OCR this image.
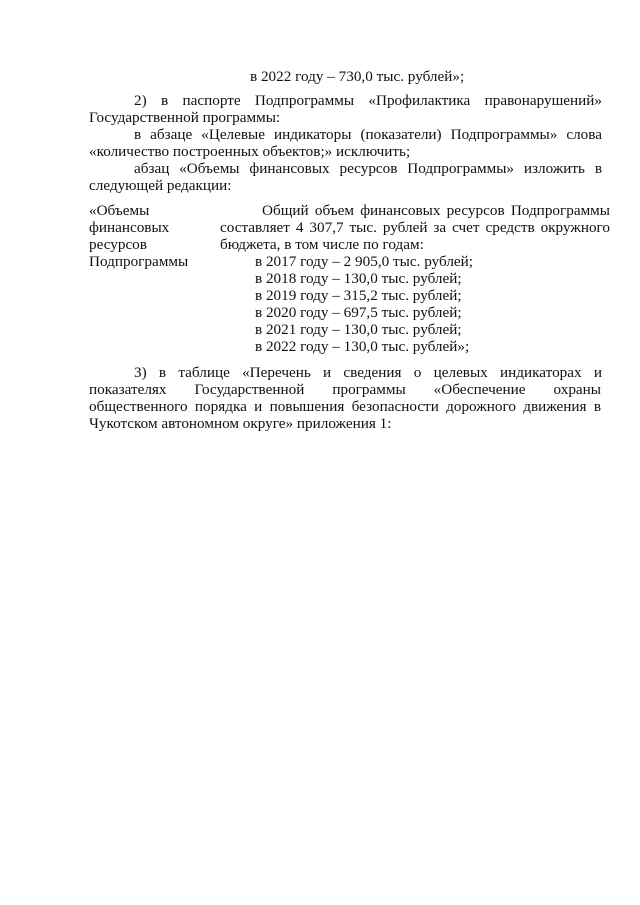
в 2022 году – 730,0 тыс. рублей»;
2) в паспорте Подпрограммы «Профилактика правонарушений»
Государственной программы:
в абзаце «Целевые индикаторы (показатели) Подпрограммы» слова
«количество построенных объектов;» исключить;
абзац «Объемы финансовых ресурсов Подпрограммы» изложить в
следующей редакции:
«Объемы
финансовых
ресурсов
Подпрограммы
Общий объем финансовых ресурсов Подпрограммы
составляет 4 307,7 тыс. рублей за счет средств окружного
бюджета, в том числе по годам:
в 2017 году – 2 905,0 тыс. рублей;
в 2018 году – 130,0 тыс. рублей;
в 2019 году – 315,2 тыс. рублей;
в 2020 году – 697,5 тыс. рублей;
в 2021 году – 130,0 тыс. рублей;
в 2022 году – 130,0 тыс. рублей»;
3) в таблице «Перечень и сведения о целевых индикаторах и
показателях Государственной программы «Обеспечение охраны
общественного порядка и повышения безопасности дорожного движения в
Чукотском автономном округе» приложения 1:
